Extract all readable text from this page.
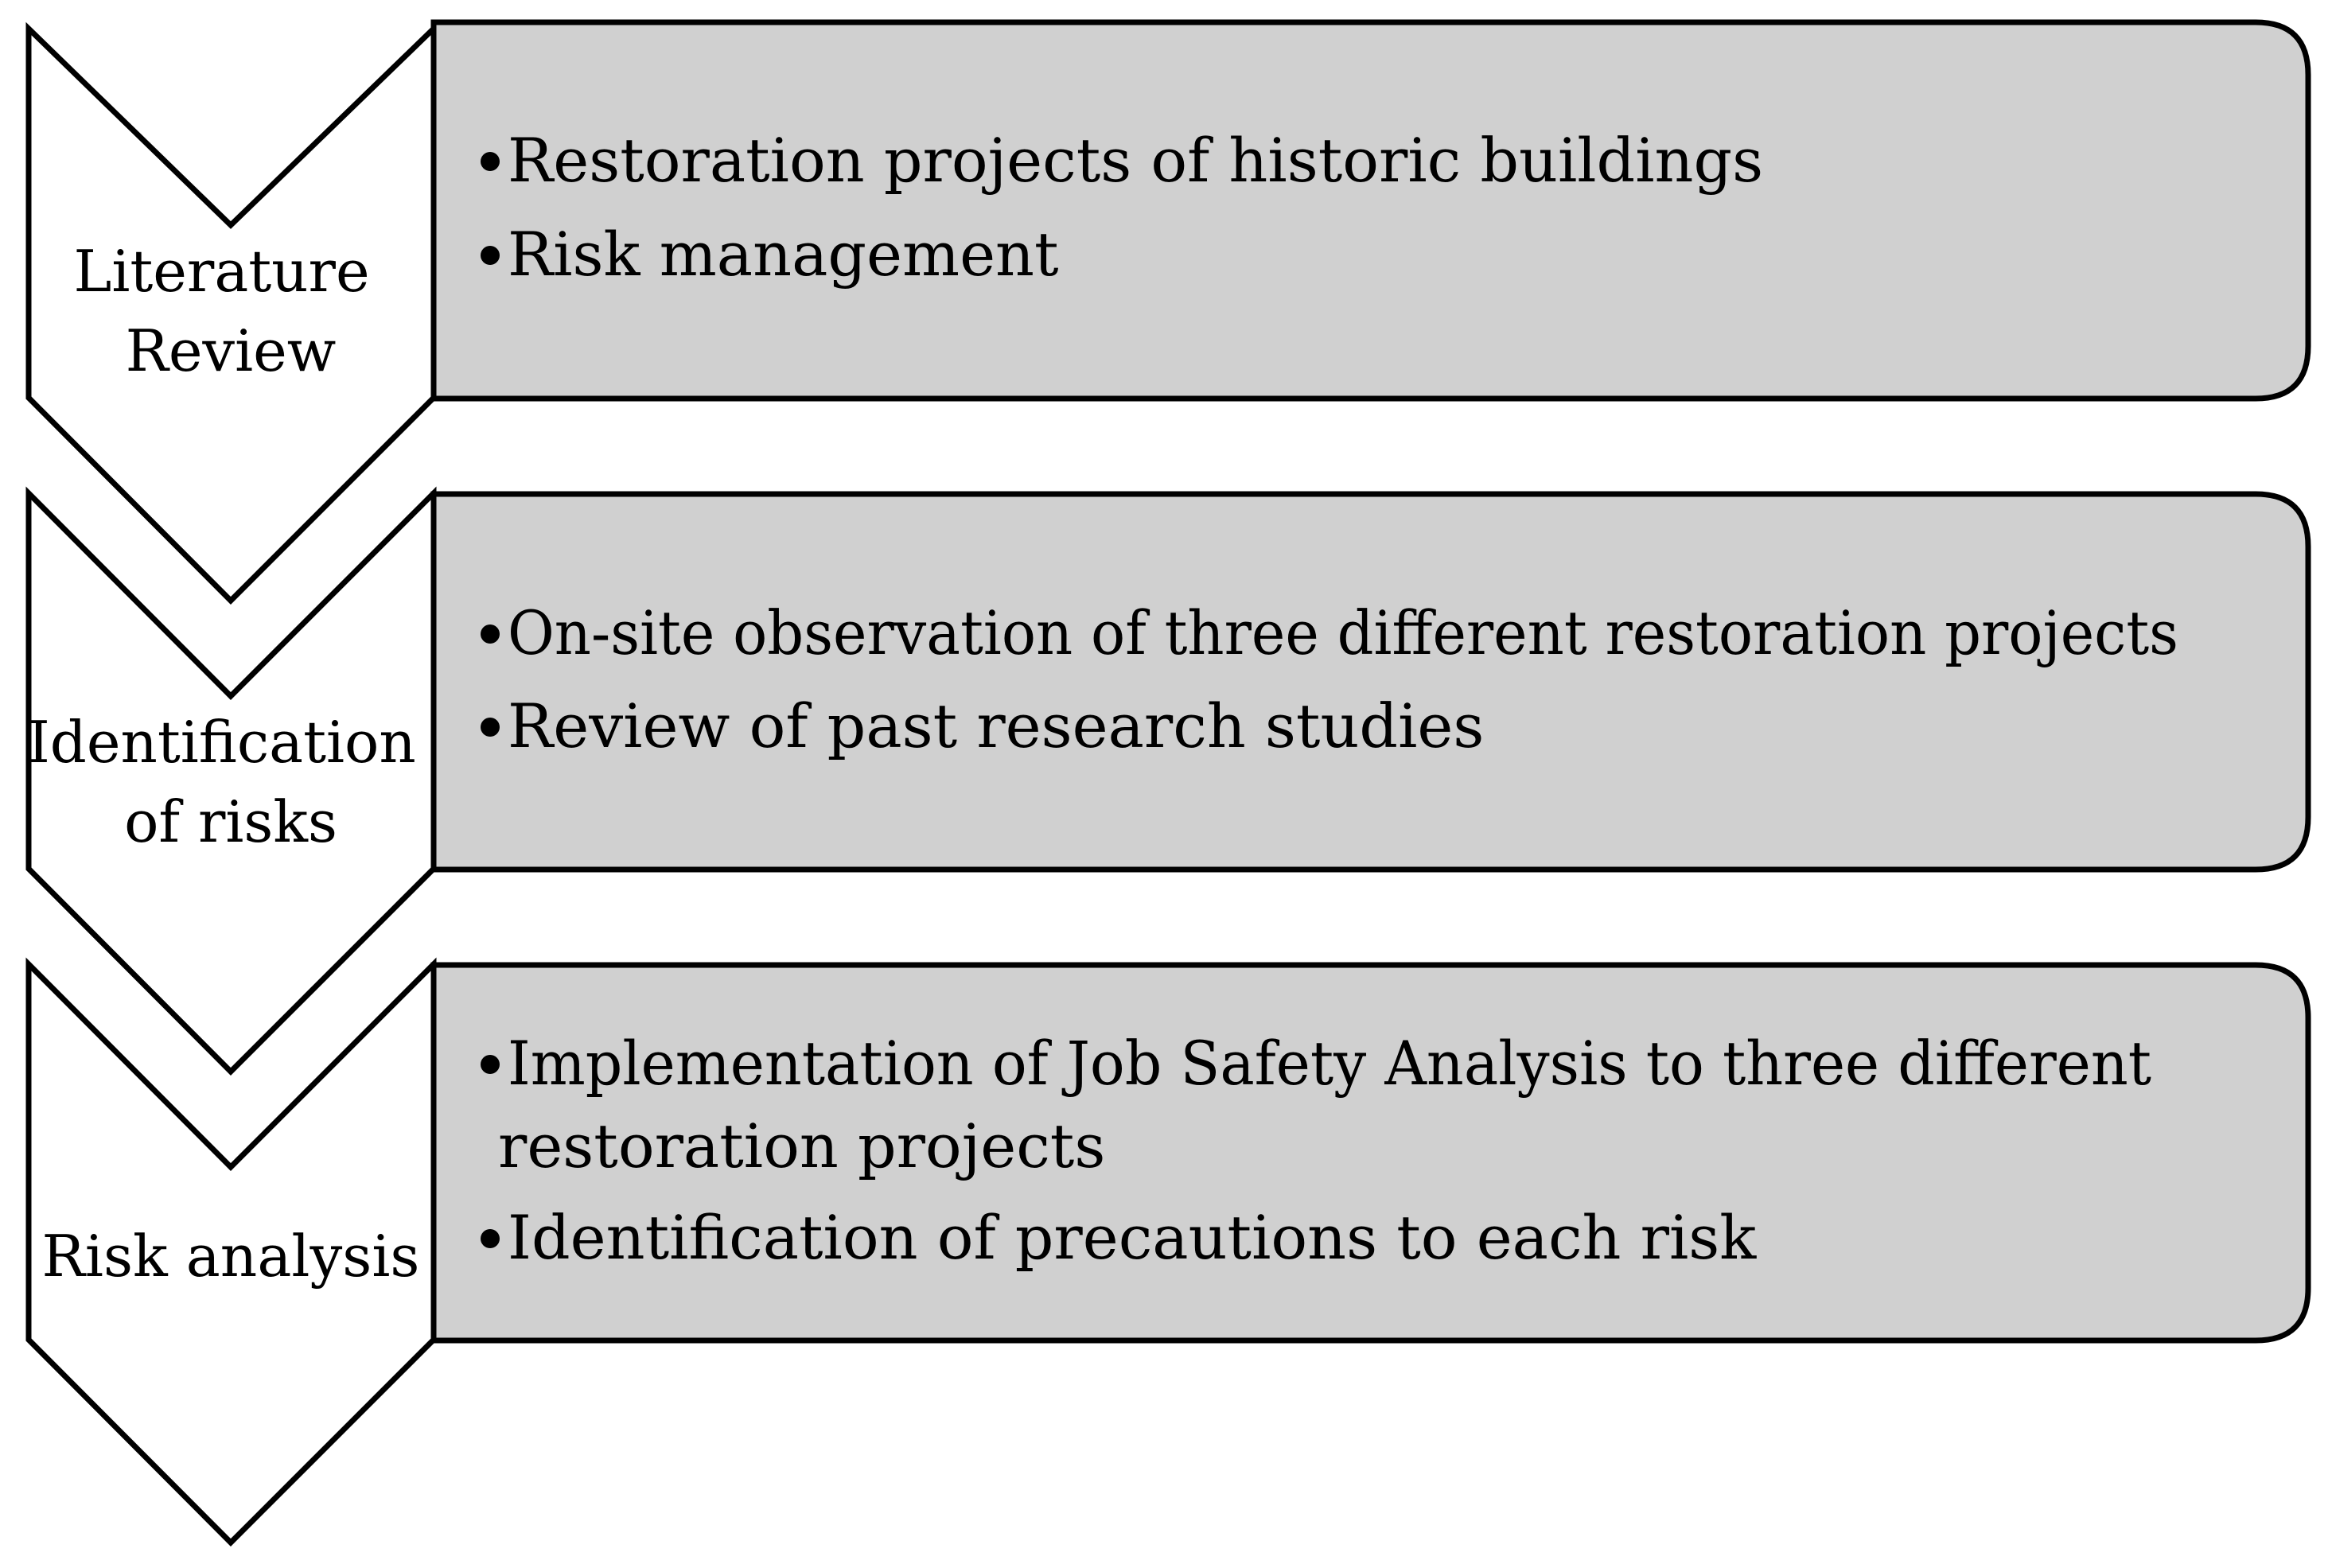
Literature Review
Restoration projects of historic buildings
Risk management
Identification of risks
On-site observation of three different restoration projects
Review of past research studies
Risk analysis
Implementation of Job Safety Analysis to three different restoration projects
Identification of precautions to each risk
